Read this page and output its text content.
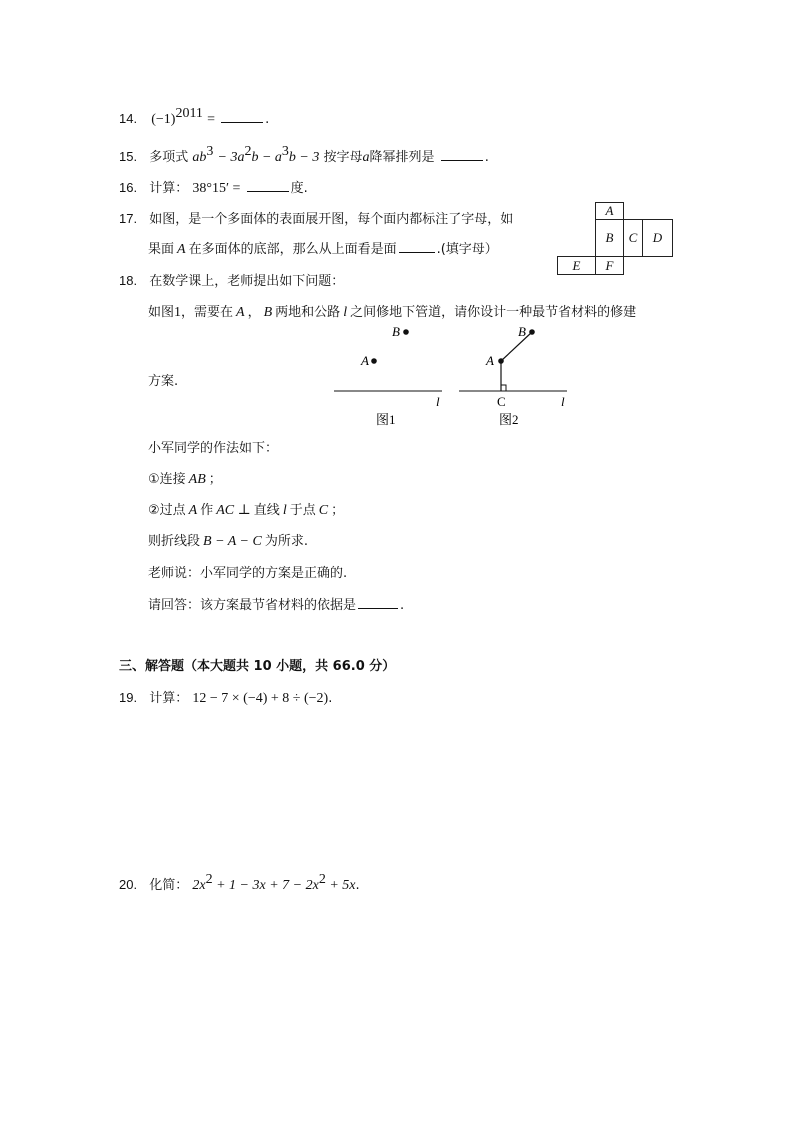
14. $(-1)^{2011}$ =	.
15. 多项式 $ab^3 - 3a^2b - a^3b - 3$ 按字母a降幂排列是	.
16. 计算： 38°15′ =	度.
17. 如图，是一个多面体的表面展开图，每个面内都标注了字母，如
果面 A 在多面体的底部，那么从上面看是面	.(填字母）
A
B	C	D
E	F
18. 在数学课上，老师提出如下问题：
如图1，需要在 A ， B 两地和公路 l 之间修地下管道，请你设计一种最节省材料的修建
方案.
B
A
l
图1
B
A
C	l
图2
小军同学的作法如下：
①连接 AB ；
②过点 A 作 AC ⊥ 直线 l 于点 C ；
则折线段 B − A − C 为所求.
老师说：小军同学的方案是正确的.
请回答：该方案最节省材料的依据是	.
三、解答题（本大题共 10 小题，共 66.0 分）
19. 计算： 12 − 7 × (−4) + 8 ÷ (−2).
20. 化简： $2x^2 + 1 - 3x + 7 - 2x^2 + 5x$.
